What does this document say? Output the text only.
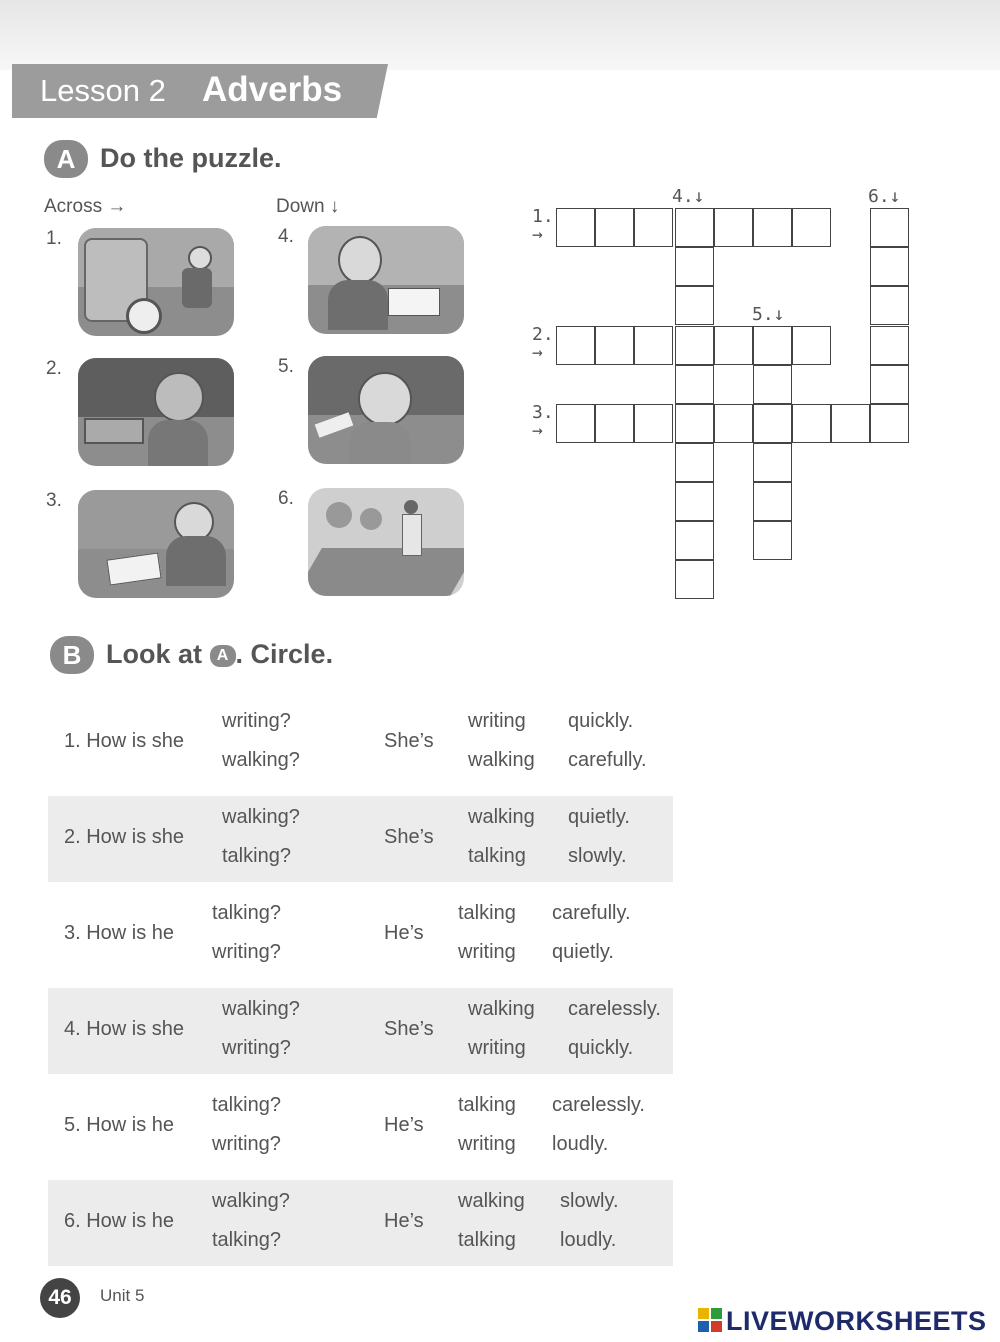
Lesson 2 Adverbs
A Do the puzzle.
Across →	Down ↓
1.
2.
3.
4.
5.
6.
1.
→
2.
→
3.
→
4.↓
5.↓
6.↓
B Look at A . Circle.
1. How is she
writing?
walking?
She’s
writing
walking
quickly.
carefully.
2. How is she
walking?
talking?
She’s
walking
talking
quietly.
slowly.
3. How is he
talking?
writing?
He’s
talking
writing
carefully.
quietly.
4. How is she
walking?
writing?
She’s
walking
writing
carelessly.
quickly.
5. How is he
talking?
writing?
He’s
talking
writing
carelessly.
loudly.
6. How is he
walking?
talking?
He’s
walking
talking
slowly.
loudly.
46	Unit 5
LIVEWORKSHEETS
